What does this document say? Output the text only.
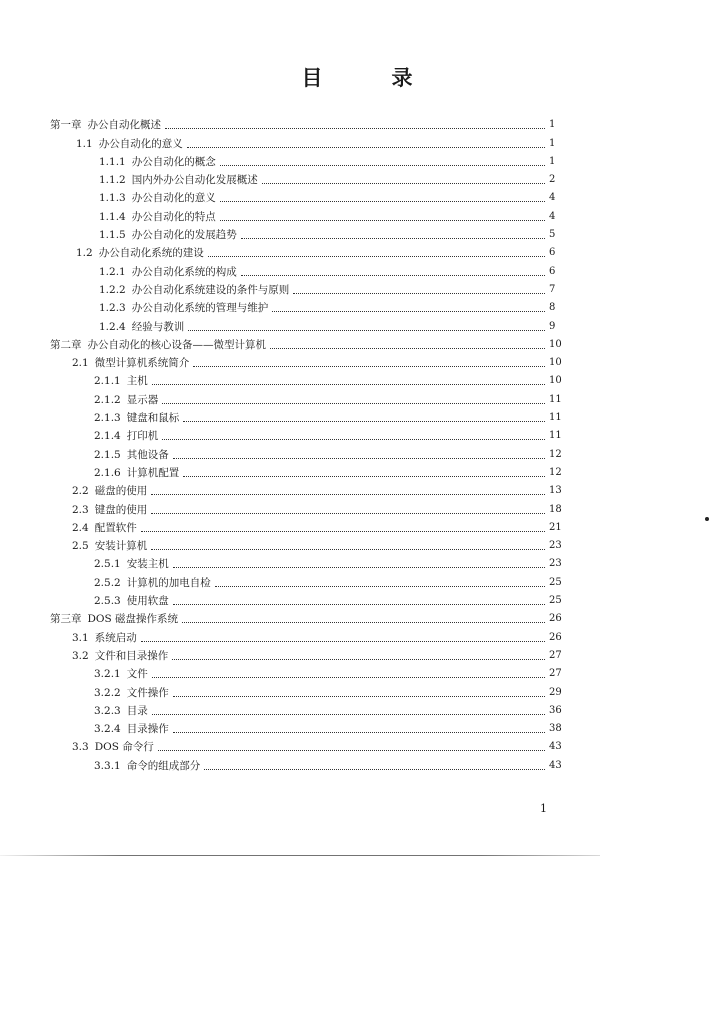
目　录
第一章 办公自动化概述	1
1.1 办公自动化的意义	1
1.1.1 办公自动化的概念	1
1.1.2 国内外办公自动化发展概述	2
1.1.3 办公自动化的意义	4
1.1.4 办公自动化的特点	4
1.1.5 办公自动化的发展趋势	5
1.2 办公自动化系统的建设	6
1.2.1 办公自动化系统的构成	6
1.2.2 办公自动化系统建设的条件与原则	7
1.2.3 办公自动化系统的管理与维护	8
1.2.4 经验与教训	9
第二章 办公自动化的核心设备——微型计算机	10
2.1 微型计算机系统简介	10
2.1.1 主机	10
2.1.2 显示器	11
2.1.3 键盘和鼠标	11
2.1.4 打印机	11
2.1.5 其他设备	12
2.1.6 计算机配置	12
2.2 磁盘的使用	13
2.3 键盘的使用	18
2.4 配置软件	21
2.5 安装计算机	23
2.5.1 安装主机	23
2.5.2 计算机的加电自检	25
2.5.3 使用软盘	25
第三章 DOS 磁盘操作系统	26
3.1 系统启动	26
3.2 文件和目录操作	27
3.2.1 文件	27
3.2.2 文件操作	29
3.2.3 目录	36
3.2.4 目录操作	38
3.3 DOS 命令行	43
3.3.1 命令的组成部分	43
1
